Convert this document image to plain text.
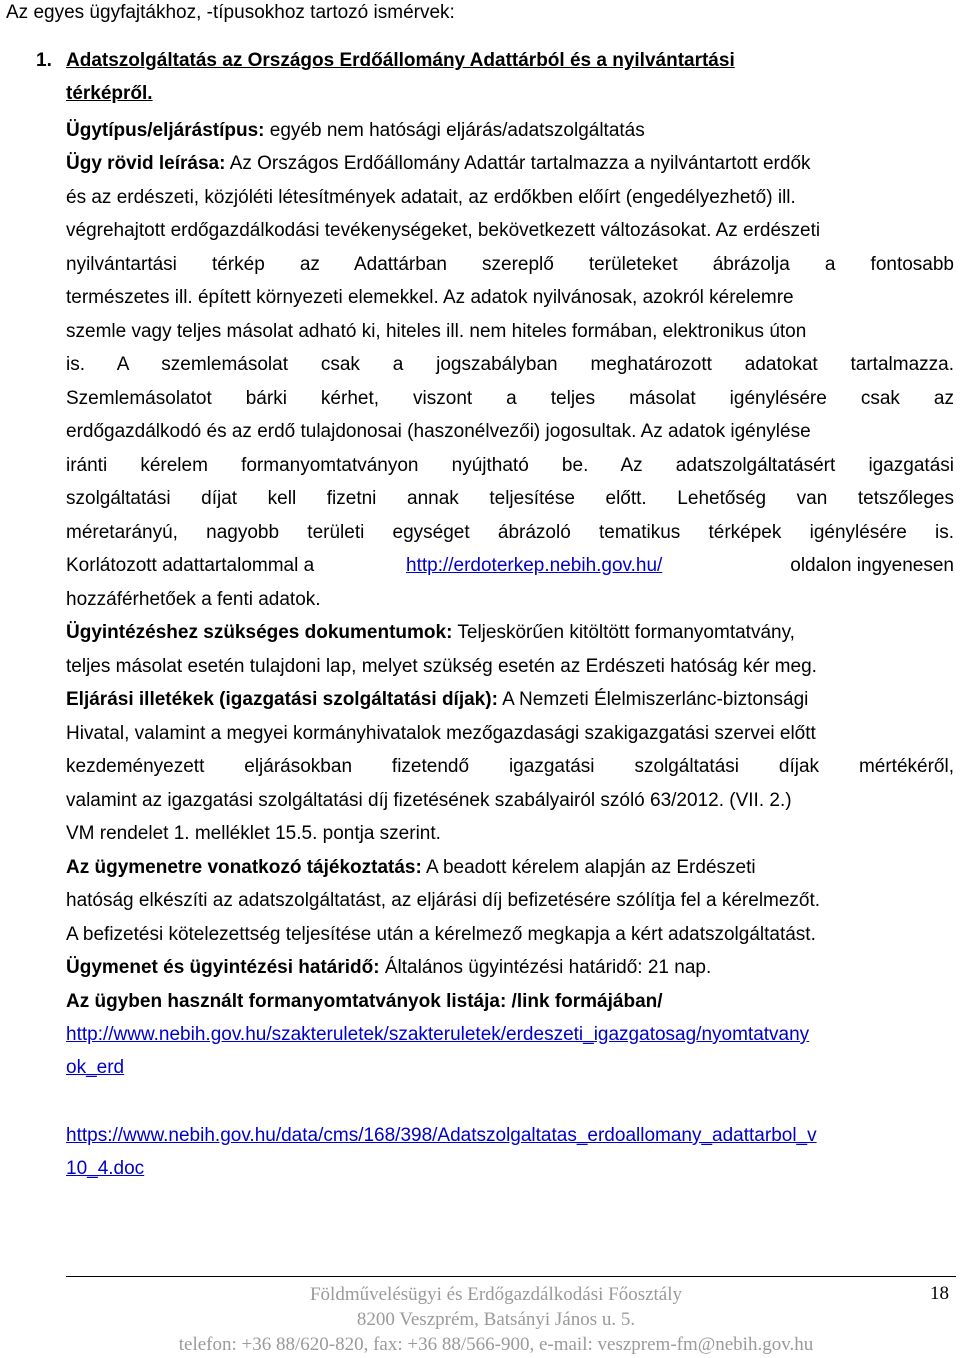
Az egyes ügyfajtákhoz, -típusokhoz tartozó ismérvek:
1. Adatszolgáltatás az Országos Erdőállomány Adattárból és a nyilvántartási
térképről.
Ügytípus/eljárástípus: egyéb nem hatósági eljárás/adatszolgáltatás
Ügy rövid leírása: Az Országos Erdőállomány Adattár tartalmazza a nyilvántartott erdők
és az erdészeti, közjóléti létesítmények adatait, az erdőkben előírt (engedélyezhető) ill.
végrehajtott erdőgazdálkodási tevékenységeket, bekövetkezett változásokat. Az erdészeti
nyilvántartási térkép az Adattárban szereplő területeket ábrázolja a fontosabb
természetes ill. épített környezeti elemekkel. Az adatok nyilvánosak, azokról kérelemre
szemle vagy teljes másolat adható ki, hiteles ill. nem hiteles formában, elektronikus úton
is. A szemlemásolat csak a jogszabályban meghatározott adatokat tartalmazza.
Szemlemásolatot bárki kérhet, viszont a teljes másolat igénylésére csak az
erdőgazdálkodó és az erdő tulajdonosai (haszonélvezői) jogosultak. Az adatok igénylése
iránti kérelem formanyomtatványon nyújtható be. Az adatszolgáltatásért igazgatási
szolgáltatási díjat kell fizetni annak teljesítése előtt. Lehetőség van tetszőleges
méretarányú, nagyobb területi egységet ábrázoló tematikus térképek igénylésére is.
Korlátozott adattartalommal a	http://erdoterkep.nebih.gov.hu/	oldalon ingyenesen
hozzáférhetőek a fenti adatok.
Ügyintézéshez szükséges dokumentumok: Teljeskörűen kitöltött formanyomtatvány,
teljes másolat esetén tulajdoni lap, melyet szükség esetén az Erdészeti hatóság kér meg.
Eljárási illetékek (igazgatási szolgáltatási díjak): A Nemzeti Élelmiszerlánc-biztonsági
Hivatal, valamint a megyei kormányhivatalok mezőgazdasági szakigazgatási szervei előtt
kezdeményezett eljárásokban fizetendő igazgatási szolgáltatási díjak mértékéről,
valamint az igazgatási szolgáltatási díj fizetésének szabályairól szóló 63/2012. (VII. 2.)
VM rendelet 1. melléklet 15.5. pontja szerint.
Az ügymenetre vonatkozó tájékoztatás: A beadott kérelem alapján az Erdészeti
hatóság elkészíti az adatszolgáltatást, az eljárási díj befizetésére szólítja fel a kérelmezőt.
A befizetési kötelezettség teljesítése után a kérelmező megkapja a kért adatszolgáltatást.
Ügymenet és ügyintézési határidő: Általános ügyintézési határidő: 21 nap.
Az ügyben használt formanyomtatványok listája: /link formájában/
http://www.nebih.gov.hu/szakteruletek/szakteruletek/erdeszeti_igazgatosag/nyomtatvany
ok_erd
https://www.nebih.gov.hu/data/cms/168/398/Adatszolgaltatas_erdoallomany_adattarbol_v
10_4.doc
Földművelésügyi és Erdőgazdálkodási Főosztály
8200 Veszprém, Batsányi János u. 5.
telefon: +36 88/620-820, fax: +36 88/566-900, e-mail: veszprem-fm@nebih.gov.hu
18
